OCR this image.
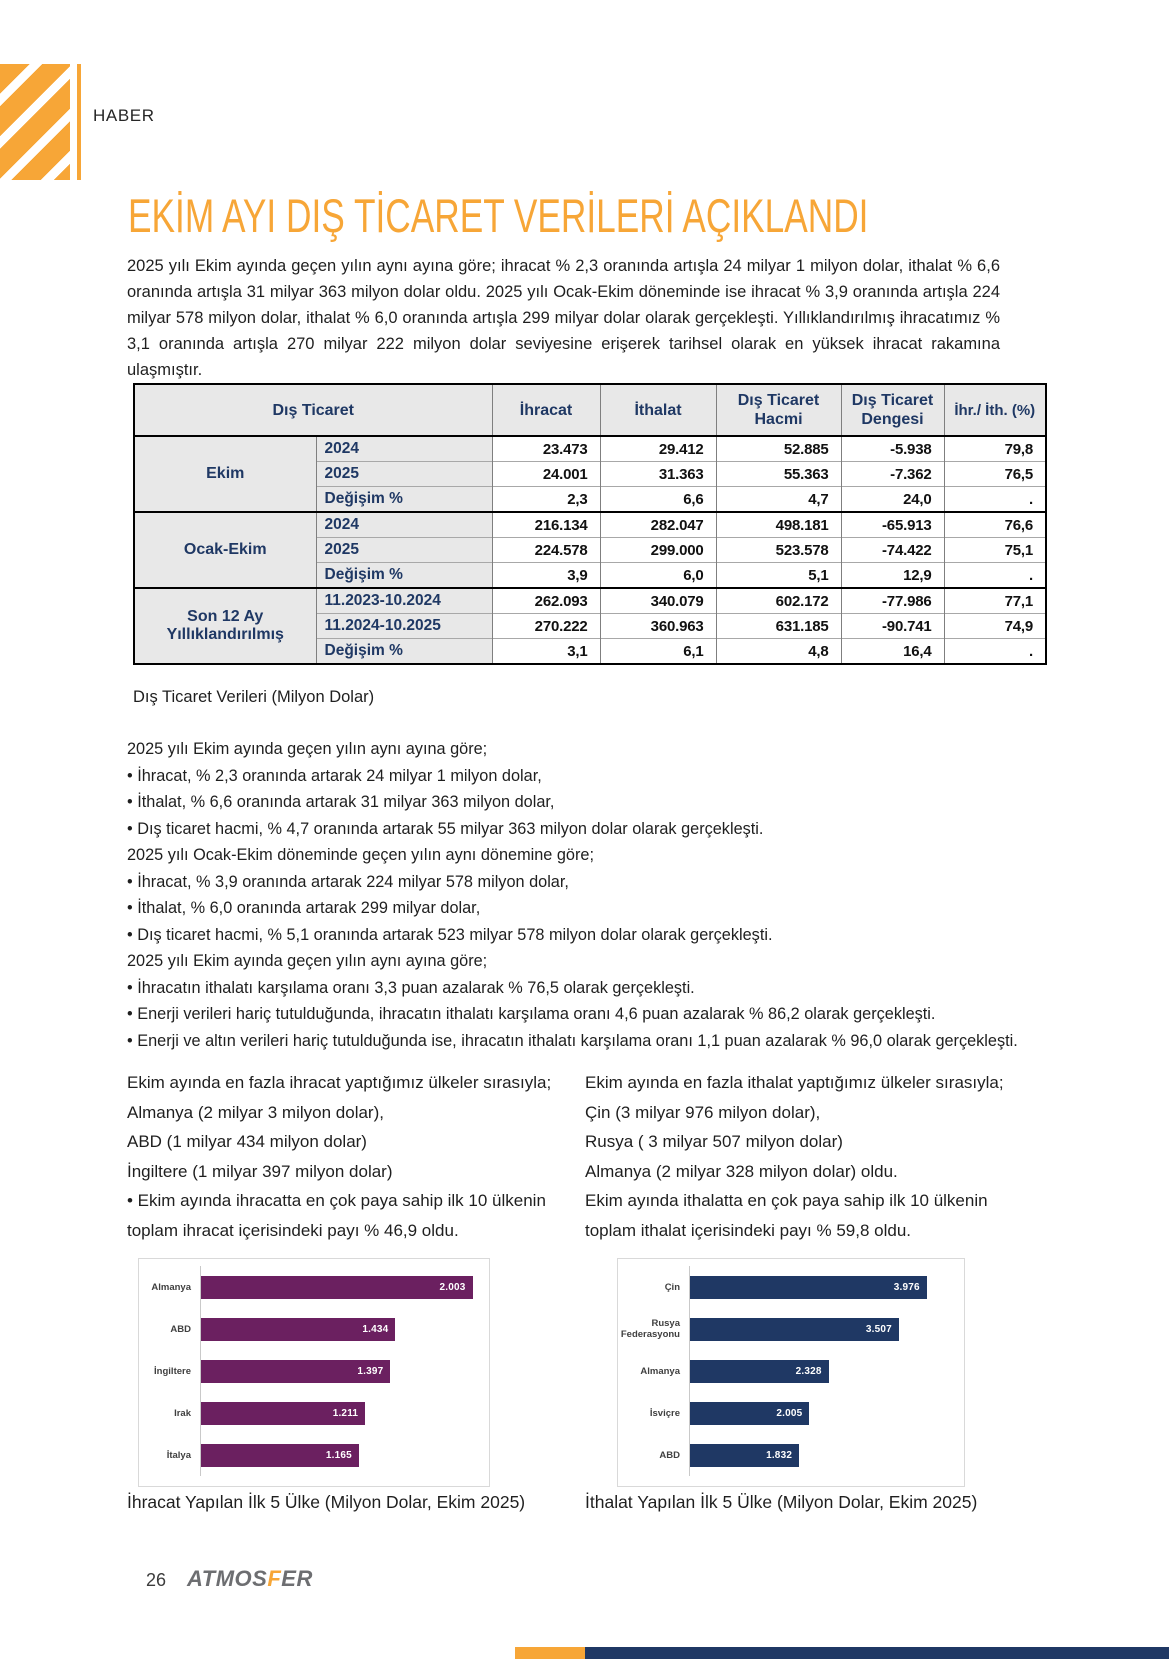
HABER
EKİM AYI DIŞ TİCARET VERİLERİ AÇIKLANDI

2025 yılı Ekim ayında geçen yılın aynı ayına göre; ihracat % 2,3 oranında artışla 24 milyar 1 milyon dolar, ithalat % 6,6 oranında artışla 31 milyar 363 milyon dolar oldu. 2025 yılı Ocak-Ekim döneminde ise ihracat % 3,9 oranında artışla 224 milyar 578 milyon dolar, ithalat % 6,0 oranında artışla 299 milyar dolar olarak gerçekleşti. Yıllıklandırılmış ihracatımız % 3,1 oranında artışla 270 milyar 222 milyon dolar seviyesine erişerek tarihsel olarak en yüksek ihracat rakamına ulaşmıştır.

Dış Ticaret		İhracat	İthalat	Dış Ticaret Hacmi	Dış Ticaret Dengesi	İhr./ İth. (%)
Ekim	2024	23.473	29.412	52.885	-5.938	79,8
	2025	24.001	31.363	55.363	-7.362	76,5
	Değişim %	2,3	6,6	4,7	24,0	.
Ocak-Ekim	2024	216.134	282.047	498.181	-65.913	76,6
	2025	224.578	299.000	523.578	-74.422	75,1
	Değişim %	3,9	6,0	5,1	12,9	.
Son 12 Ay Yıllıklandırılmış	11.2023-10.2024	262.093	340.079	602.172	-77.986	77,1
	11.2024-10.2025	270.222	360.963	631.185	-90.741	74,9
	Değişim %	3,1	6,1	4,8	16,4	.
Dış Ticaret Verileri (Milyon Dolar)
2025 yılı Ekim ayında geçen yılın aynı ayına göre;
• İhracat, % 2,3 oranında artarak 24 milyar 1 milyon dolar,
• İthalat, % 6,6 oranında artarak 31 milyar 363 milyon dolar,
• Dış ticaret hacmi, % 4,7 oranında artarak 55 milyar 363 milyon dolar olarak gerçekleşti.
2025 yılı Ocak-Ekim döneminde geçen yılın aynı dönemine göre;
• İhracat, % 3,9 oranında artarak 224 milyar 578 milyon dolar,
• İthalat, % 6,0 oranında artarak 299 milyar dolar,
• Dış ticaret hacmi, % 5,1 oranında artarak 523 milyar 578 milyon dolar olarak gerçekleşti.
2025 yılı Ekim ayında geçen yılın aynı ayına göre;
• İhracatın ithalatı karşılama oranı 3,3 puan azalarak % 76,5 olarak gerçekleşti.
• Enerji verileri hariç tutulduğunda, ihracatın ithalatı karşılama oranı 4,6 puan azalarak % 86,2 olarak gerçekleşti.
• Enerji ve altın verileri hariç tutulduğunda ise, ihracatın ithalatı karşılama oranı 1,1 puan azalarak % 96,0 olarak gerçekleşti.
Ekim ayında en fazla ihracat yaptığımız ülkeler sırasıyla;
Almanya (2 milyar 3 milyon dolar),
ABD (1 milyar 434 milyon dolar)
İngiltere (1 milyar 397 milyon dolar)
• Ekim ayında ihracatta en çok paya sahip ilk 10 ülkenin
toplam ihracat içerisindeki payı % 46,9 oldu.
Ekim ayında en fazla ithalat yaptığımız ülkeler sırasıyla;
Çin (3 milyar 976 milyon dolar),
Rusya ( 3 milyar 507 milyon dolar)
Almanya (2 milyar 328 milyon dolar) oldu.
Ekim ayında ithalatta en çok paya sahip ilk 10 ülkenin
toplam ithalat içerisindeki payı % 59,8 oldu.
Almanya	2.003
ABD	1.434
İngiltere	1.397
Irak	1.211
İtalya	1.165
Çin	3.976
Rusya Federasyonu	3.507
Almanya	2.328
İsviçre	2.005
ABD	1.832
İhracat Yapılan İlk 5 Ülke (Milyon Dolar, Ekim 2025)	İthalat Yapılan İlk 5 Ülke (Milyon Dolar, Ekim 2025)
26 ATMOSFER
